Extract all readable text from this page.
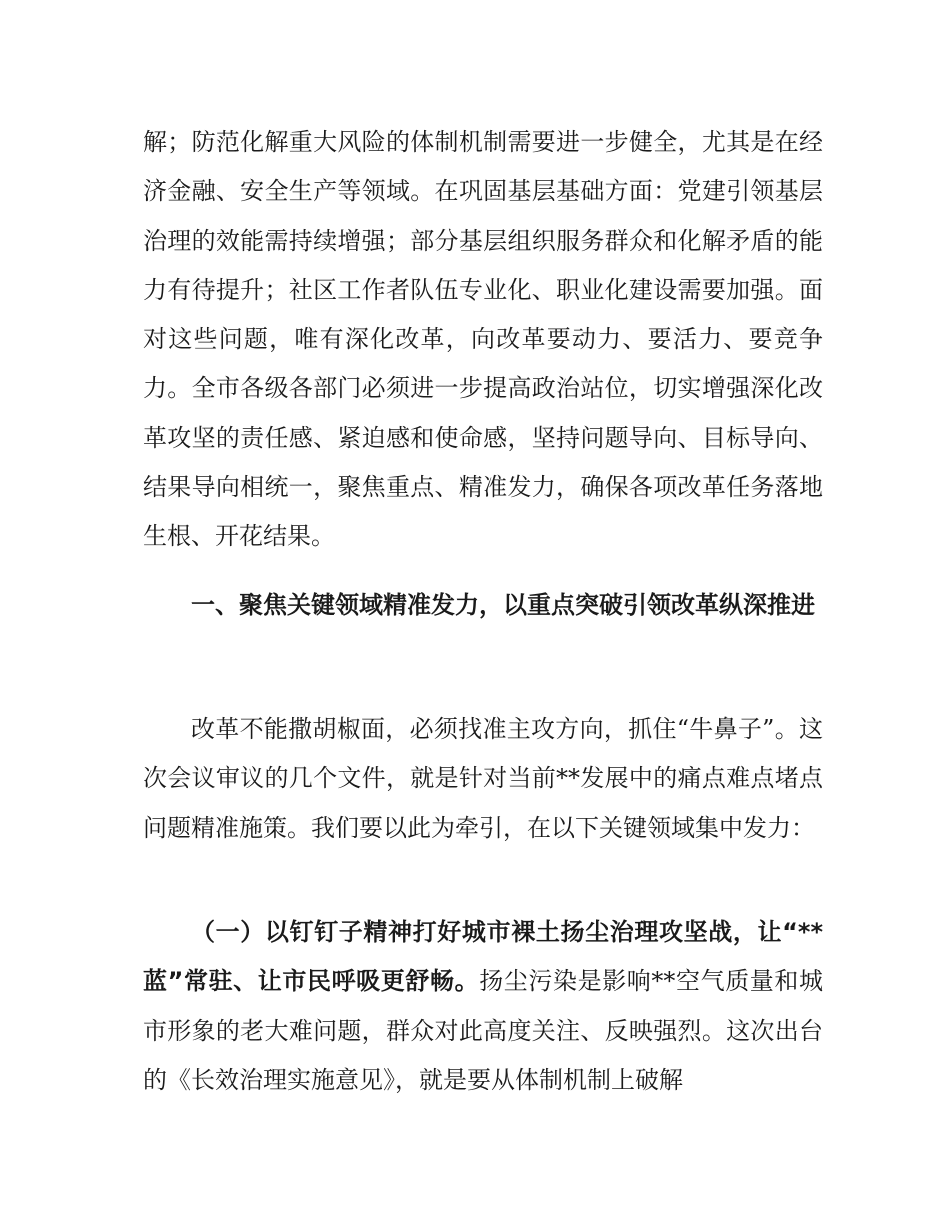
解；防范化解重大风险的体制机制需要进一步健全，尤其是在经济金融、安全生产等领域。在巩固基层基础方面：党建引领基层治理的效能需持续增强；部分基层组织服务群众和化解矛盾的能力有待提升；社区工作者队伍专业化、职业化建设需要加强。面对这些问题，唯有深化改革，向改革要动力、要活力、要竞争力。全市各级各部门必须进一步提高政治站位，切实增强深化改革攻坚的责任感、紧迫感和使命感，坚持问题导向、目标导向、结果导向相统一，聚焦重点、精准发力，确保各项改革任务落地生根、开花结果。

一、聚焦关键领域精准发力，以重点突破引领改革纵深推进

改革不能撒胡椒面，必须找准主攻方向，抓住“牛鼻子”。这次会议审议的几个文件，就是针对当前**发展中的痛点难点堵点问题精准施策。我们要以此为牵引，在以下关键领域集中发力：

（一）以钉钉子精神打好城市裸土扬尘治理攻坚战，让“**蓝”常驻、让市民呼吸更舒畅。扬尘污染是影响**空气质量和城市形象的老大难问题，群众对此高度关注、反映强烈。这次出台的《长效治理实施意见》，就是要从体制机制上破解
